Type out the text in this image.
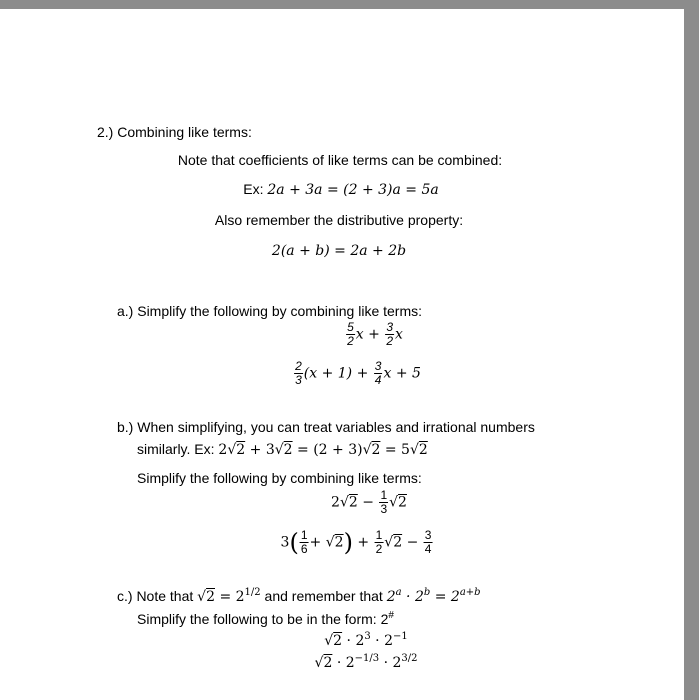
2.) Combining like terms:
Note that coefficients of like terms can be combined:
Ex: 2a + 3a = (2 + 3)a = 5a
Also remember the distributive property:
2(a + b) = 2a + 2b
a.) Simplify the following by combining like terms:
$\frac{5}{2}$ $x + \frac{3}{2}$ x
$\frac{2}{3} (x + 1) + \frac{3}{4}$ x + 5
b.) When simplifying, you can treat variables and irrational numbers
similarly. Ex: 2√2 + 3√2 = (2 + 3)√2 = 5√2
Simplify the following by combining like terms:
$2√2 - \frac{1}{3} √2$
$3( \frac{1}{6} + √2) + \frac{1}{2} √2 - \frac{3}{4}$
c.) Note that $√2 = 2^{1/2}$ and remember that $2^a \cdot 2^b = 2^{a+b}$
Simplify the following to be in the form: 2#
$√2 \cdot 2^3 \cdot 2^{-1}$
$√2 \cdot 2^{-1/3} \cdot 2^{3/2}$
